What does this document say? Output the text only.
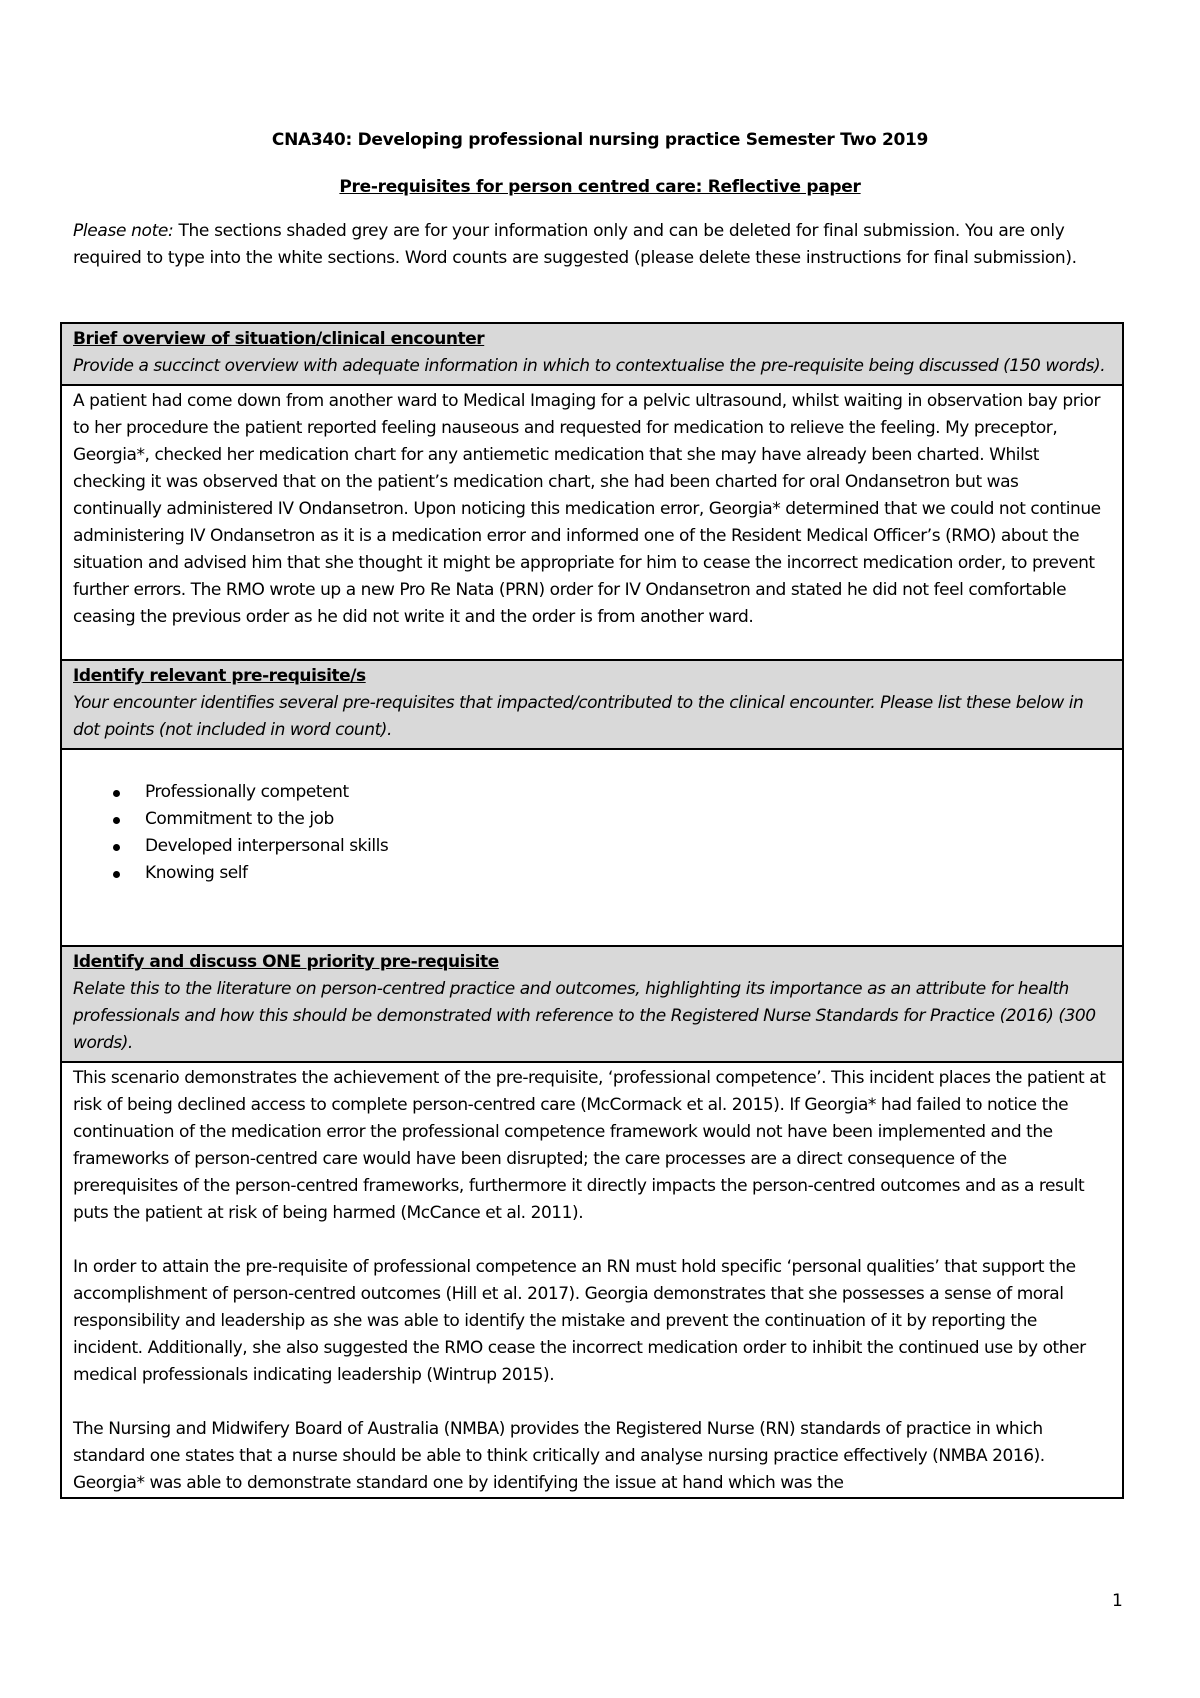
CNA340: Developing professional nursing practice Semester Two 2019
Pre-requisites for person centred care: Reflective paper
Please note: The sections shaded grey are for your information only and can be deleted for final submission. You are only required to type into the white sections. Word counts are suggested (please delete these instructions for final submission).
Brief overview of situation/clinical encounter
Provide a succinct overview with adequate information in which to contextualise the pre-requisite being discussed (150 words).

A patient had come down from another ward to Medical Imaging for a pelvic ultrasound, whilst waiting in observation bay prior to her procedure the patient reported feeling nauseous and requested for medication to relieve the feeling. My preceptor, Georgia*, checked her medication chart for any antiemetic medication that she may have already been charted. Whilst checking it was observed that on the patient’s medication chart, she had been charted for oral Ondansetron but was continually administered IV Ondansetron. Upon noticing this medication error, Georgia* determined that we could not continue administering IV Ondansetron as it is a medication error and informed one of the Resident Medical Officer’s (RMO) about the situation and advised him that she thought it might be appropriate for him to cease the incorrect medication order, to prevent further errors. The RMO wrote up a new Pro Re Nata (PRN) order for IV Ondansetron and stated he did not feel comfortable ceasing the previous order as he did not write it and the order is from another ward.

Identify relevant pre-requisite/s
Your encounter identifies several pre-requisites that impacted/contributed to the clinical encounter. Please list these below in dot points (not included in word count).

Professionally competent
Commitment to the job
Developed interpersonal skills
Knowing self

Identify and discuss ONE priority pre-requisite
Relate this to the literature on person-centred practice and outcomes, highlighting its importance as an attribute for health professionals and how this should be demonstrated with reference to the Registered Nurse Standards for Practice (2016) (300 words).

This scenario demonstrates the achievement of the pre-requisite, ‘professional competence’. This incident places the patient at risk of being declined access to complete person-centred care (McCormack et al. 2015). If Georgia* had failed to notice the continuation of the medication error the professional competence framework would not have been implemented and the frameworks of person-centred care would have been disrupted; the care processes are a direct consequence of the prerequisites of the person-centred frameworks, furthermore it directly impacts the person-centred outcomes and as a result puts the patient at risk of being harmed (McCance et al. 2011).

In order to attain the pre-requisite of professional competence an RN must hold specific ‘personal qualities’ that support the accomplishment of person-centred outcomes (Hill et al. 2017). Georgia demonstrates that she possesses a sense of moral responsibility and leadership as she was able to identify the mistake and prevent the continuation of it by reporting the incident. Additionally, she also suggested the RMO cease the incorrect medication order to inhibit the continued use by other medical professionals indicating leadership (Wintrup 2015).

The Nursing and Midwifery Board of Australia (NMBA) provides the Registered Nurse (RN) standards of practice in which standard one states that a nurse should be able to think critically and analyse nursing practice effectively (NMBA 2016). Georgia* was able to demonstrate standard one by identifying the issue at hand which was the

1
